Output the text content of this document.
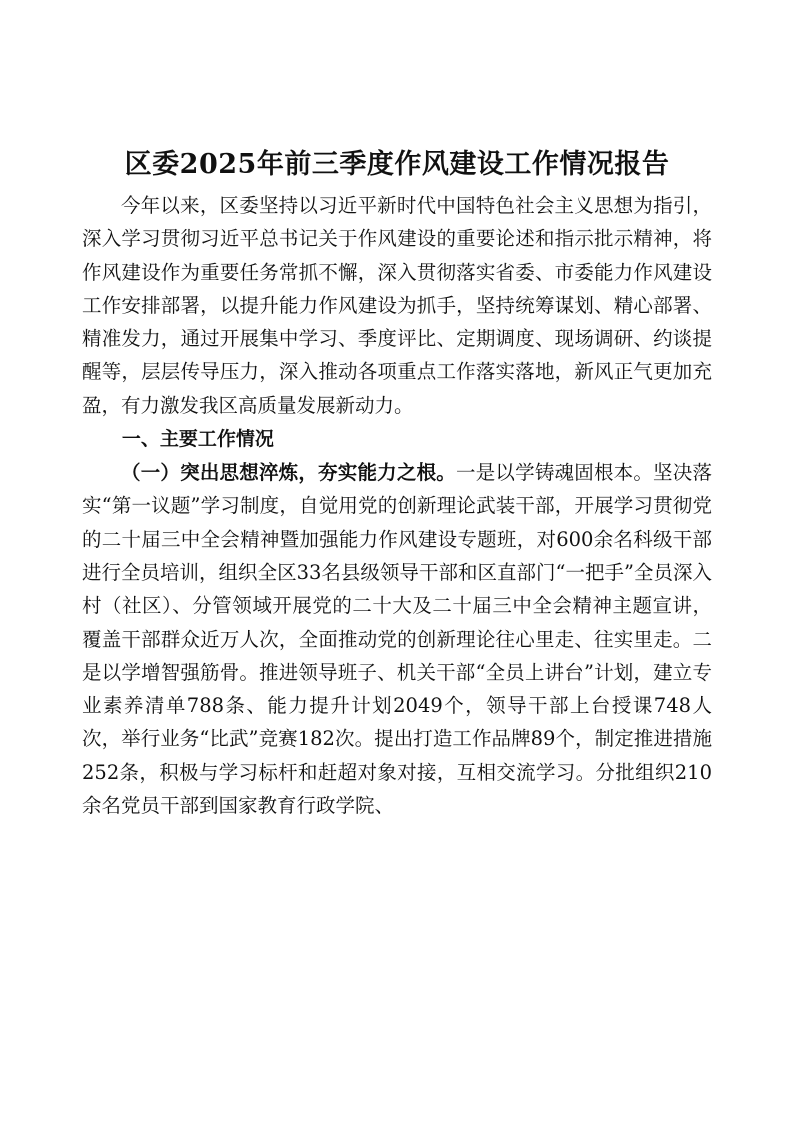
区委2025年前三季度作风建设工作情况报告

今年以来，区委坚持以习近平新时代中国特色社会主义思想为指引，深入学习贯彻习近平总书记关于作风建设的重要论述和指示批示精神，将作风建设作为重要任务常抓不懈，深入贯彻落实省委、市委能力作风建设工作安排部署，以提升能力作风建设为抓手，坚持统筹谋划、精心部署、精准发力，通过开展集中学习、季度评比、定期调度、现场调研、约谈提醒等，层层传导压力，深入推动各项重点工作落实落地，新风正气更加充盈，有力激发我区高质量发展新动力。

一、主要工作情况

（一）突出思想淬炼，夯实能力之根。一是以学铸魂固根本。坚决落实“第一议题”学习制度，自觉用党的创新理论武装干部，开展学习贯彻党的二十届三中全会精神暨加强能力作风建设专题班，对600余名科级干部进行全员培训，组织全区33名县级领导干部和区直部门“一把手”全员深入村（社区）、分管领域开展党的二十大及二十届三中全会精神主题宣讲，覆盖干部群众近万人次，全面推动党的创新理论往心里走、往实里走。二是以学增智强筋骨。推进领导班子、机关干部“全员上讲台”计划，建立专业素养清单788条、能力提升计划2049个，领导干部上台授课748人次，举行业务“比武”竞赛182次。提出打造工作品牌89个，制定推进措施252条，积极与学习标杆和赶超对象对接，互相交流学习。分批组织210余名党员干部到国家教育行政学院、
